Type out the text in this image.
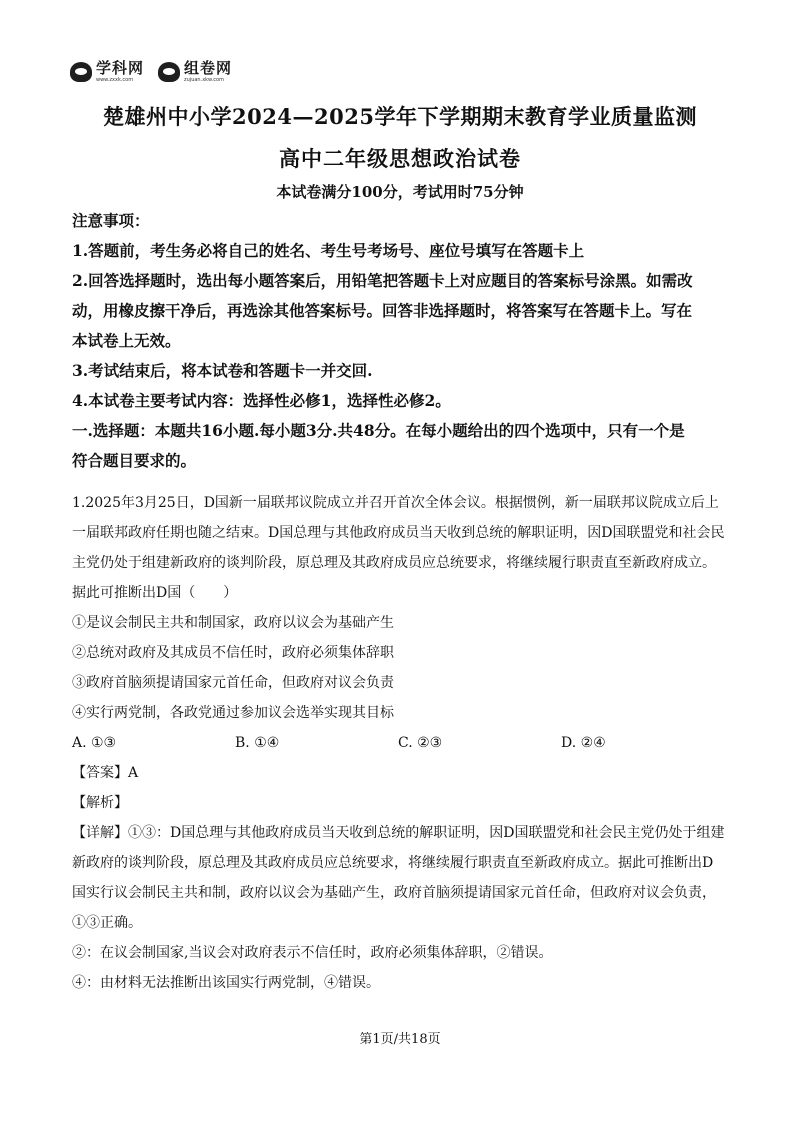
学科网
www.zxxk.com
组卷网
zujuan.xkw.com
楚雄州中小学2024—2025学年下学期期末教育学业质量监测
高中二年级思想政治试卷
本试卷满分100分，考试用时75分钟
注意事项：
1.答题前，考生务必将自己的姓名、考生号考场号、座位号填写在答题卡上
2.回答选择题时，选出每小题答案后，用铅笔把答题卡上对应题目的答案标号涂黑。如需改
动，用橡皮擦干净后，再选涂其他答案标号。回答非选择题时，将答案写在答题卡上。写在
本试卷上无效。
3.考试结束后，将本试卷和答题卡一并交回.
4.本试卷主要考试内容：选择性必修1，选择性必修2。
一.选择题：本题共16小题.每小题3分.共48分。在每小题给出的四个选项中，只有一个是
符合题目要求的。
1.2025年3月25日，D国新一届联邦议院成立并召开首次全体会议。根据惯例，新一届联邦议院成立后上
一届联邦政府任期也随之结束。D国总理与其他政府成员当天收到总统的解职证明，因D国联盟党和社会民
主党仍处于组建新政府的谈判阶段，原总理及其政府成员应总统要求，将继续履行职责直至新政府成立。
据此可推断出D国（　　）
①是议会制民主共和制国家，政府以议会为基础产生
②总统对政府及其成员不信任时，政府必须集体辞职
③政府首脑须提请国家元首任命，但政府对议会负责
④实行两党制，各政党通过参加议会选举实现其目标
A. ①③	B. ①④	C. ②③	D. ②④
【答案】A
【解析】
【详解】①③：D国总理与其他政府成员当天收到总统的解职证明，因D国联盟党和社会民主党仍处于组建
新政府的谈判阶段，原总理及其政府成员应总统要求，将继续履行职责直至新政府成立。据此可推断出D
国实行议会制民主共和制，政府以议会为基础产生，政府首脑须提请国家元首任命，但政府对议会负责，
①③正确。
②：在议会制国家,当议会对政府表示不信任时，政府必须集体辞职，②错误。
④：由材料无法推断出该国实行两党制，④错误。
第1页/共18页
